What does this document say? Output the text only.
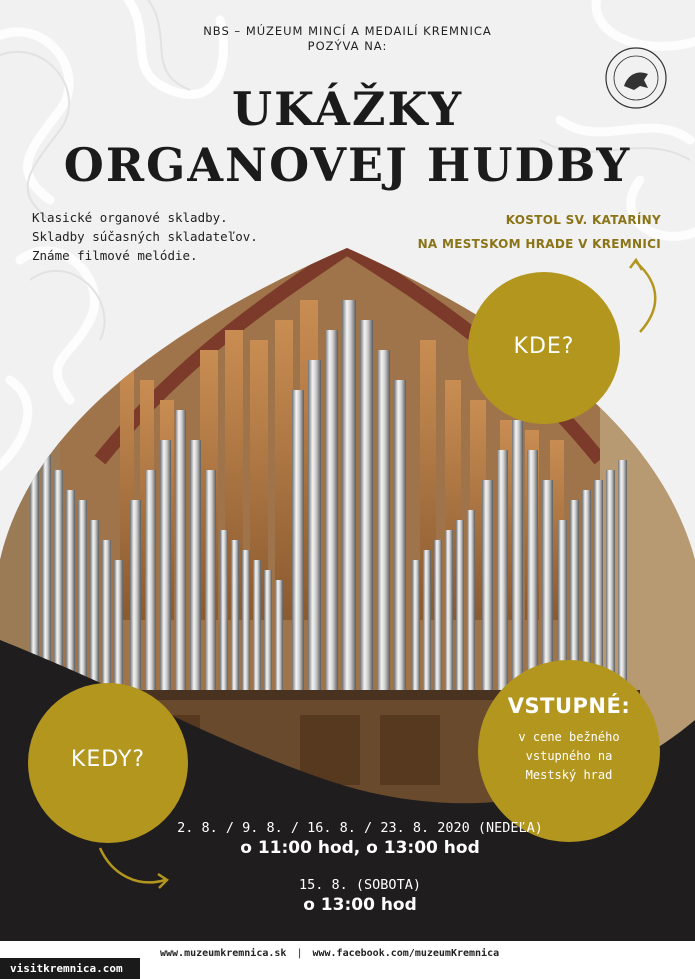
NBS – MÚZEUM MINCÍ A MEDAILÍ KREMNICA
POZÝVA NA:
UKÁŽKY
ORGANOVEJ HUDBY
Klasické organové skladby.
Skladby súčasných skladateľov.
Známe filmové melódie.
KOSTOL SV. KATARÍNY
NA MESTSKOM HRADE V KREMNICI
KDE?
KEDY?
VSTUPNÉ:
v cene bežného
vstupného na
Mestský hrad
2. 8. / 9. 8. / 16. 8. / 23. 8. 2020 (NEDEĽA)
o 11:00 hod, o 13:00 hod
15. 8. (SOBOTA)
o 13:00 hod
www.muzeumkremnica.sk | www.facebook.com/muzeumKremnica
visitkremnica.com
